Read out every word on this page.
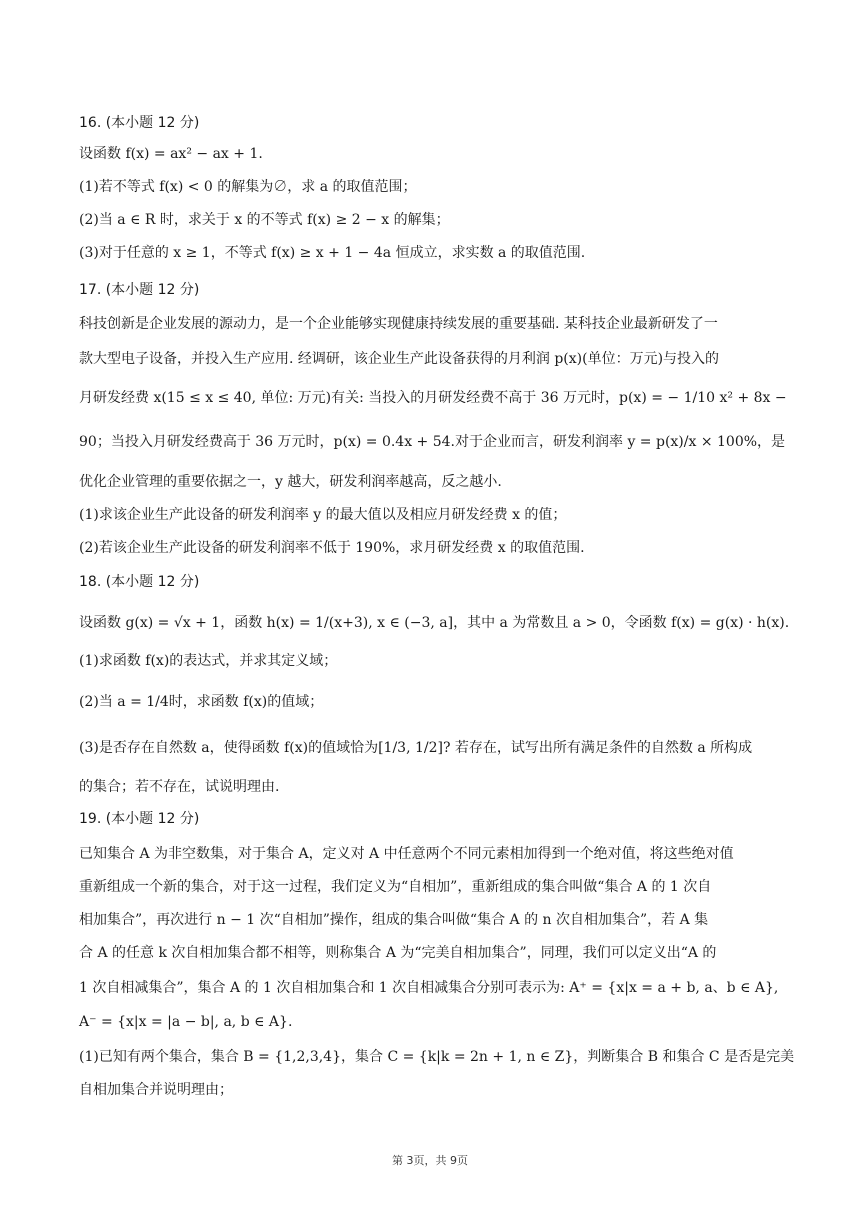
16. (本小题 12 分)
设函数 f(x) = ax² − ax + 1.
(1)若不等式 f(x) < 0 的解集为∅，求 a 的取值范围；
(2)当 a ∈ R 时，求关于 x 的不等式 f(x) ≥ 2 − x 的解集；
(3)对于任意的 x ≥ 1，不等式 f(x) ≥ x + 1 − 4a 恒成立，求实数 a 的取值范围.
17. (本小题 12 分)
科技创新是企业发展的源动力，是一个企业能够实现健康持续发展的重要基础. 某科技企业最新研发了一
款大型电子设备，并投入生产应用. 经调研，该企业生产此设备获得的月利润 p(x)(单位：万元)与投入的
月研发经费 x(15 ≤ x ≤ 40, 单位: 万元)有关: 当投入的月研发经费不高于 36 万元时，p(x) = − 1/10 x² + 8x −
90；当投入月研发经费高于 36 万元时，p(x) = 0.4x + 54.对于企业而言，研发利润率 y = p(x)/x × 100%，是
优化企业管理的重要依据之一，y 越大，研发利润率越高，反之越小.
(1)求该企业生产此设备的研发利润率 y 的最大值以及相应月研发经费 x 的值；
(2)若该企业生产此设备的研发利润率不低于 190%，求月研发经费 x 的取值范围.
18. (本小题 12 分)
设函数 g(x) = √x + 1，函数 h(x) = 1/(x+3), x ∈ (−3, a]，其中 a 为常数且 a > 0，令函数 f(x) = g(x) · h(x).
(1)求函数 f(x)的表达式，并求其定义域；
(2)当 a = 1/4时，求函数 f(x)的值域；
(3)是否存在自然数 a，使得函数 f(x)的值域恰为[1/3, 1/2]? 若存在，试写出所有满足条件的自然数 a 所构成
的集合；若不存在，试说明理由.
19. (本小题 12 分)
已知集合 A 为非空数集，对于集合 A，定义对 A 中任意两个不同元素相加得到一个绝对值，将这些绝对值
重新组成一个新的集合，对于这一过程，我们定义为“自相加”，重新组成的集合叫做“集合 A 的 1 次自
相加集合”，再次进行 n − 1 次“自相加”操作，组成的集合叫做“集合 A 的 n 次自相加集合”，若 A 集
合 A 的任意 k 次自相加集合都不相等，则称集合 A 为“完美自相加集合”，同理，我们可以定义出“A 的
1 次自相减集合”，集合 A 的 1 次自相加集合和 1 次自相减集合分别可表示为: A⁺ = {x|x = a + b, a、b ∈ A},
A⁻ = {x|x = |a − b|, a, b ∈ A}.
(1)已知有两个集合，集合 B = {1,2,3,4}，集合 C = {k|k = 2n + 1, n ∈ Z}，判断集合 B 和集合 C 是否是完美
自相加集合并说明理由；
第 3页，共 9页
